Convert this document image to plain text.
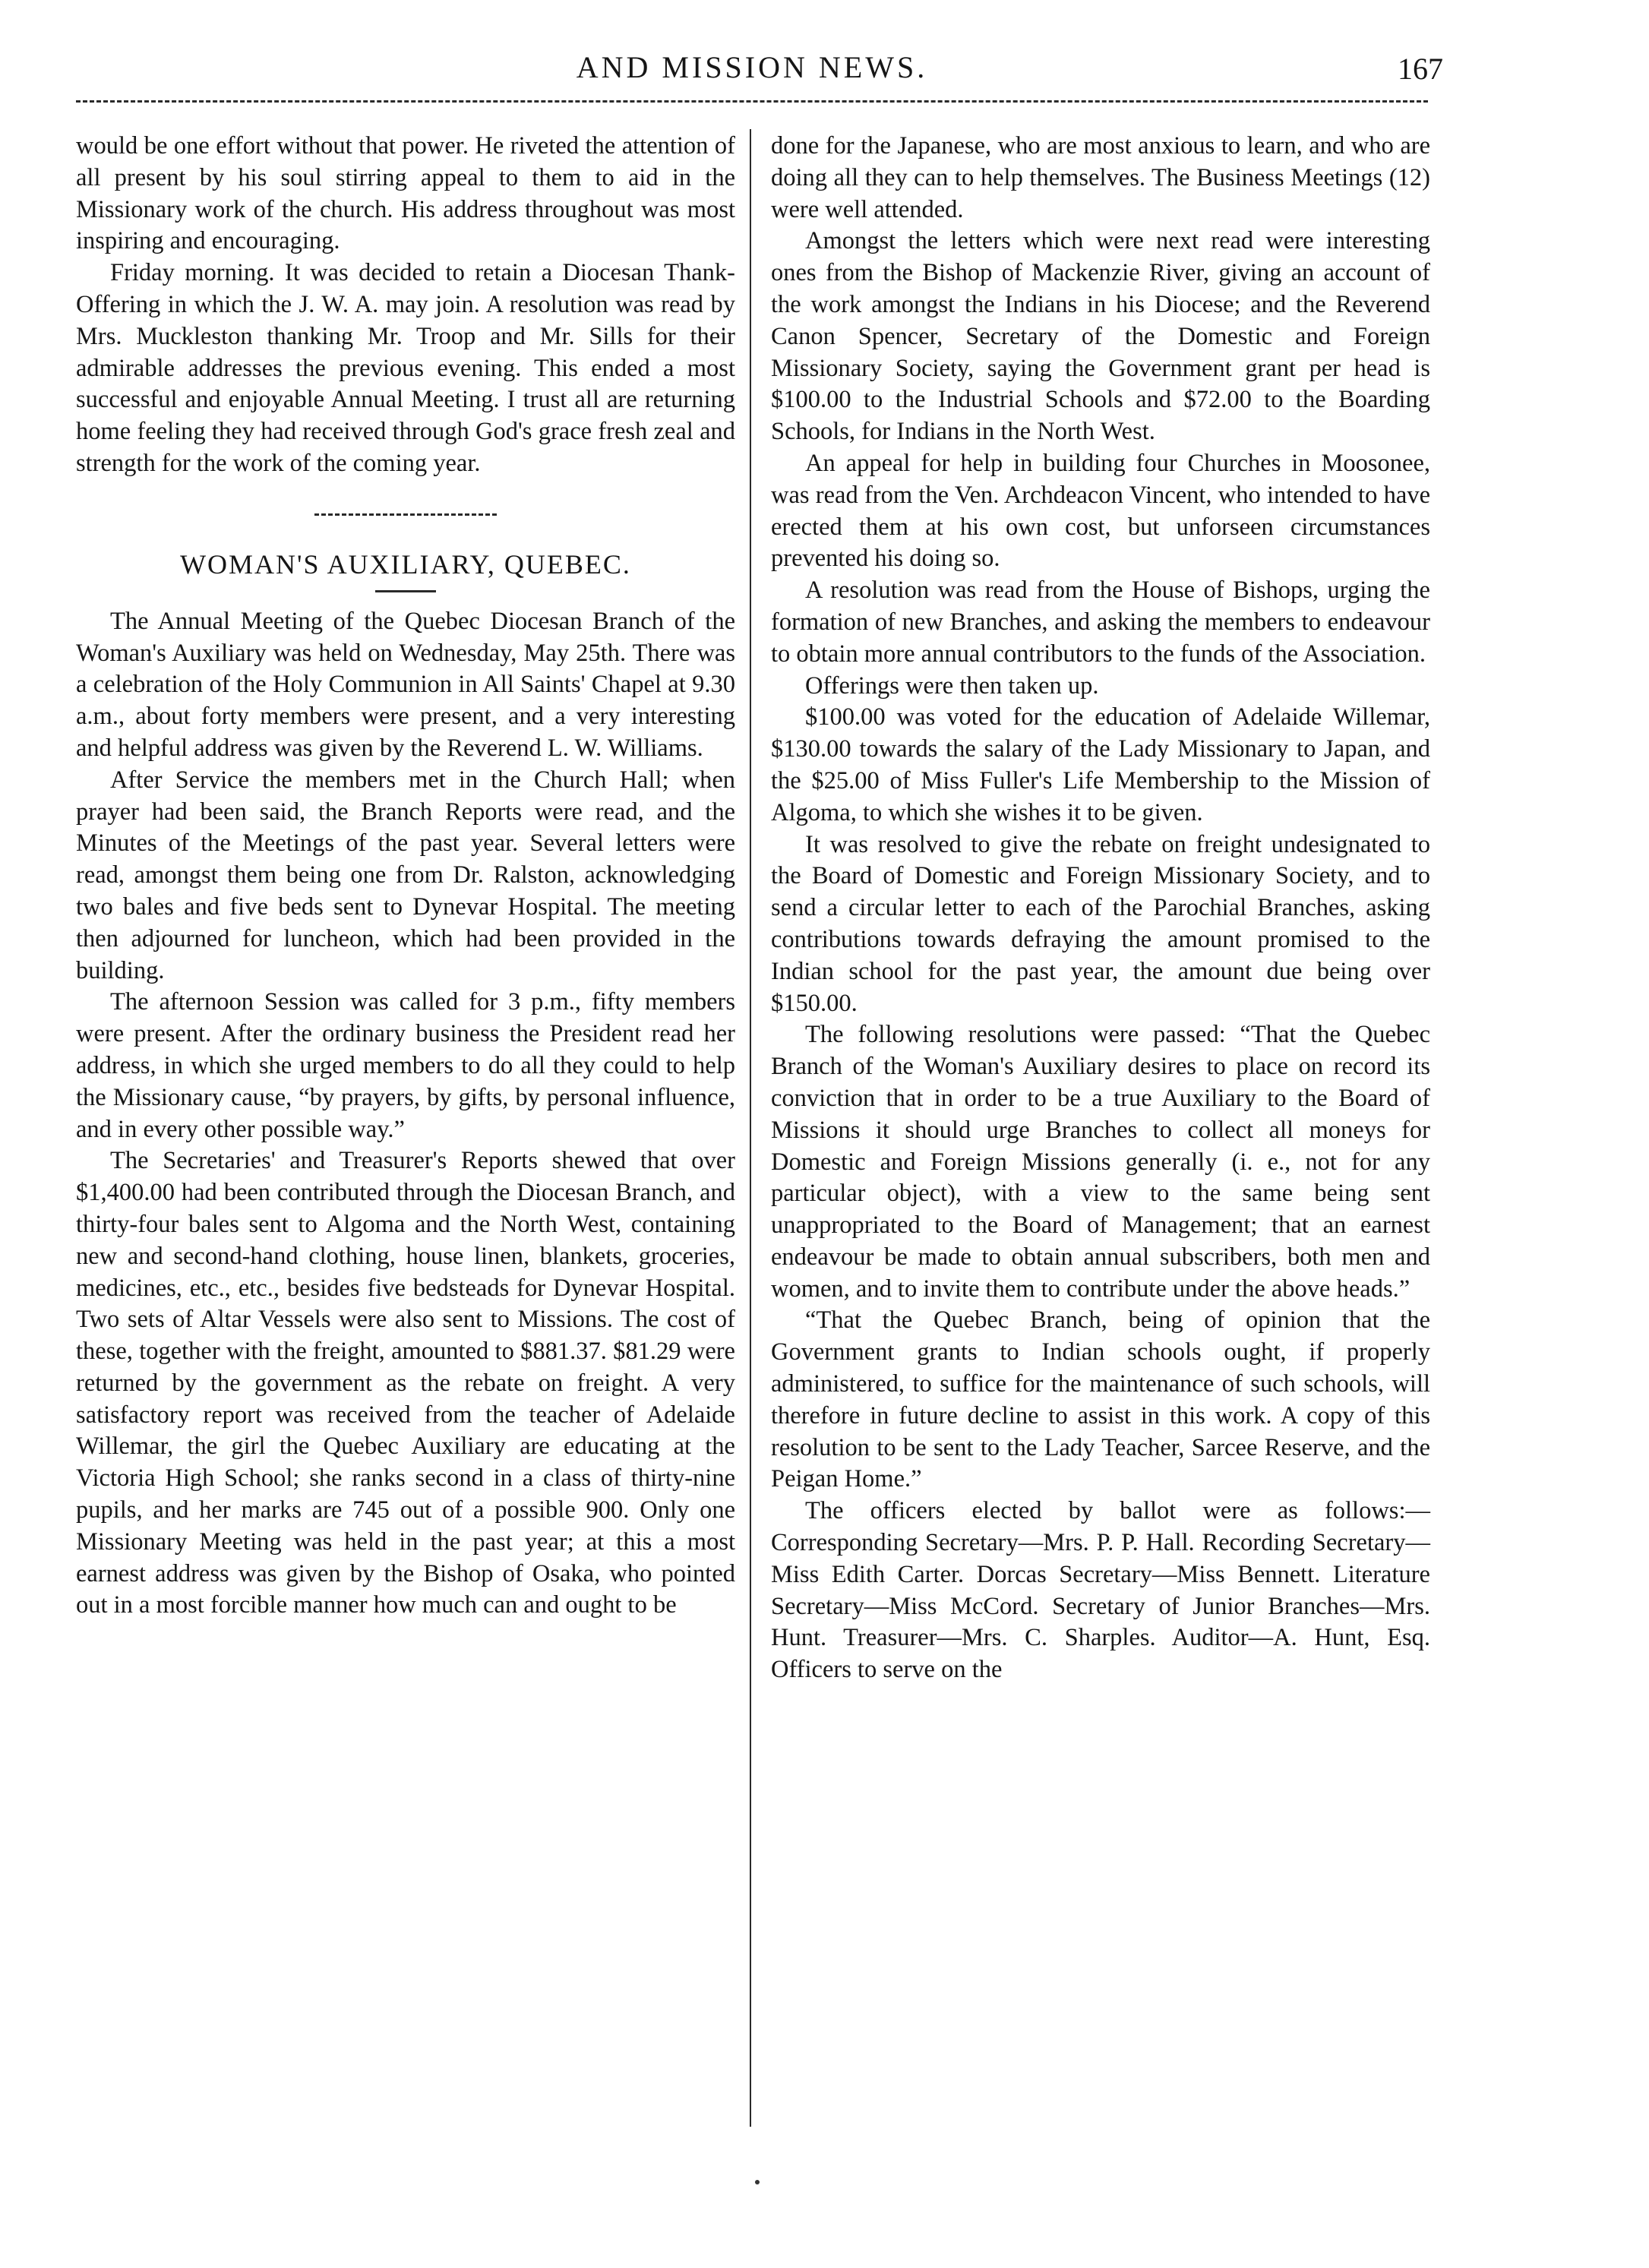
AND MISSION NEWS.	167

would be one effort without that power. He riveted the attention of all present by his soul stirring appeal to them to aid in the Missionary work of the church. His address throughout was most inspiring and encouraging.

Friday morning. It was decided to retain a Diocesan Thank-Offering in which the J. W. A. may join. A resolution was read by Mrs. Muckleston thanking Mr. Troop and Mr. Sills for their admirable addresses the previous evening. This ended a most successful and enjoyable Annual Meeting. I trust all are returning home feeling they had received through God's grace fresh zeal and strength for the work of the coming year.

WOMAN'S AUXILIARY, QUEBEC.

The Annual Meeting of the Quebec Diocesan Branch of the Woman's Auxiliary was held on Wednesday, May 25th. There was a celebration of the Holy Communion in All Saints' Chapel at 9.30 a.m., about forty members were present, and a very interesting and helpful address was given by the Reverend L. W. Williams.

After Service the members met in the Church Hall; when prayer had been said, the Branch Reports were read, and the Minutes of the Meetings of the past year. Several letters were read, amongst them being one from Dr. Ralston, acknowledging two bales and five beds sent to Dynevar Hospital. The meeting then adjourned for luncheon, which had been provided in the building.

The afternoon Session was called for 3 p.m., fifty members were present. After the ordinary business the President read her address, in which she urged members to do all they could to help the Missionary cause, “by prayers, by gifts, by personal influence, and in every other possible way.”

The Secretaries' and Treasurer's Reports shewed that over $1,400.00 had been contributed through the Diocesan Branch, and thirty-four bales sent to Algoma and the North West, containing new and second-hand clothing, house linen, blankets, groceries, medicines, etc., etc., besides five bedsteads for Dynevar Hospital. Two sets of Altar Vessels were also sent to Missions. The cost of these, together with the freight, amounted to $881.37. $81.29 were returned by the government as the rebate on freight. A very satisfactory report was received from the teacher of Adelaide Willemar, the girl the Quebec Auxiliary are educating at the Victoria High School; she ranks second in a class of thirty-nine pupils, and her marks are 745 out of a possible 900. Only one Missionary Meeting was held in the past year; at this a most earnest address was given by the Bishop of Osaka, who pointed out in a most forcible manner how much can and ought to be

done for the Japanese, who are most anxious to learn, and who are doing all they can to help themselves. The Business Meetings (12) were well attended.

Amongst the letters which were next read were interesting ones from the Bishop of Mackenzie River, giving an account of the work amongst the Indians in his Diocese; and the Reverend Canon Spencer, Secretary of the Domestic and Foreign Missionary Society, saying the Government grant per head is $100.00 to the Industrial Schools and $72.00 to the Boarding Schools, for Indians in the North West.

An appeal for help in building four Churches in Moosonee, was read from the Ven. Archdeacon Vincent, who intended to have erected them at his own cost, but unforseen circumstances prevented his doing so.

A resolution was read from the House of Bishops, urging the formation of new Branches, and asking the members to endeavour to obtain more annual contributors to the funds of the Association.

Offerings were then taken up.

$100.00 was voted for the education of Adelaide Willemar, $130.00 towards the salary of the Lady Missionary to Japan, and the $25.00 of Miss Fuller's Life Membership to the Mission of Algoma, to which she wishes it to be given.

It was resolved to give the rebate on freight undesignated to the Board of Domestic and Foreign Missionary Society, and to send a circular letter to each of the Parochial Branches, asking contributions towards defraying the amount promised to the Indian school for the past year, the amount due being over $150.00.

The following resolutions were passed: “That the Quebec Branch of the Woman's Auxiliary desires to place on record its conviction that in order to be a true Auxiliary to the Board of Missions it should urge Branches to collect all moneys for Domestic and Foreign Missions generally (i. e., not for any particular object), with a view to the same being sent unappropriated to the Board of Management; that an earnest endeavour be made to obtain annual subscribers, both men and women, and to invite them to contribute under the above heads.”

“That the Quebec Branch, being of opinion that the Government grants to Indian schools ought, if properly administered, to suffice for the maintenance of such schools, will therefore in future decline to assist in this work. A copy of this resolution to be sent to the Lady Teacher, Sarcee Reserve, and the Peigan Home.”

The officers elected by ballot were as follows:—Corresponding Secretary—Mrs. P. P. Hall. Recording Secretary—Miss Edith Carter. Dorcas Secretary—Miss Bennett. Literature Secretary—Miss McCord. Secretary of Junior Branches—Mrs. Hunt. Treasurer—Mrs. C. Sharples. Auditor—A. Hunt, Esq. Officers to serve on the
